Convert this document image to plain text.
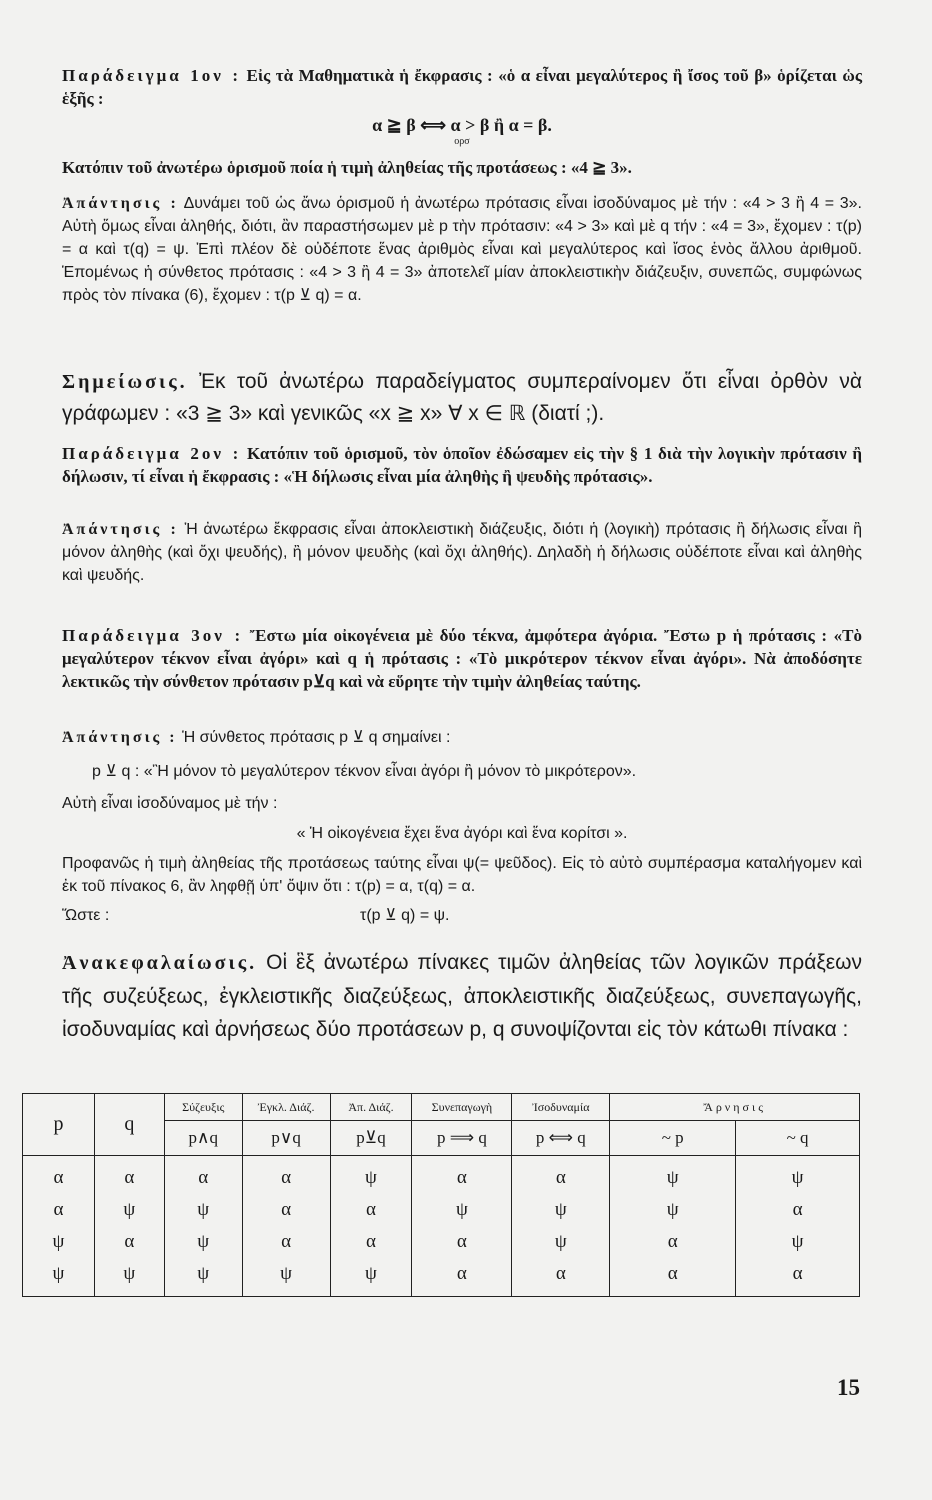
Παράδειγμα 1ον : Εἰς τὰ Μαθηματικὰ ἡ ἔκφρασις : «ὁ α εἶναι μεγαλύτερος ἢ ἴσος τοῦ β» ὁρίζεται ὡς ἑξῆς :

α ≧ β ⟺ α > β ἢ α = β.

ορσ

Κατόπιν τοῦ ἀνωτέρω ὁρισμοῦ ποία ἡ τιμὴ ἀληθείας τῆς προτάσεως : «4 ≧ 3».

Ἀπάντησις : Δυνάμει τοῦ ὡς ἄνω ὁρισμοῦ ἡ ἀνωτέρω πρότασις εἶναι ἰσοδύναμος μὲ τήν : «4 > 3 ἢ 4 = 3». Αὐτὴ ὅμως εἶναι ἀληθής, διότι, ἂν παραστήσωμεν μὲ p τὴν πρότασιν: «4 > 3» καὶ μὲ q τήν : «4 = 3», ἔχομεν : τ(p) = α καὶ τ(q) = ψ. Ἐπὶ πλέον δὲ οὐδέποτε ἕνας ἀριθμὸς εἶναι καὶ μεγαλύτερος καὶ ἴσος ἑνὸς ἄλλου ἀριθμοῦ. Ἑπομένως ἡ σύνθετος πρότασις : «4 > 3 ἢ 4 = 3» ἀποτελεῖ μίαν ἀποκλειστικὴν διάζευξιν, συνεπῶς, συμφώνως πρὸς τὸν πίνακα (6), ἔχομεν : τ(p ⊻ q) = α.

Σημείωσις. Ἐκ τοῦ ἀνωτέρω παραδείγματος συμπεραίνομεν ὅτι εἶναι ὀρθὸν νὰ γράφωμεν : «3 ≧ 3» καὶ γενικῶς «x ≧ x» ∀ x ∈ ℝ (διατί ;).

Παράδειγμα 2ον : Κατόπιν τοῦ ὁρισμοῦ, τὸν ὁποῖον ἐδώσαμεν εἰς τὴν § 1 διὰ τὴν λογικὴν πρότασιν ἢ δήλωσιν, τί εἶναι ἡ ἔκφρασις : «Ἡ δήλωσις εἶναι μία ἀληθὴς ἢ ψευδὴς πρότασις».

Ἀπάντησις : Ἡ ἀνωτέρω ἔκφρασις εἶναι ἀποκλειστικὴ διάζευξις, διότι ἡ (λογικὴ) πρότασις ἢ δήλωσις εἶναι ἢ μόνον ἀληθὴς (καὶ ὄχι ψευδής), ἢ μόνον ψευδὴς (καὶ ὄχι ἀληθής). Δηλαδὴ ἡ δήλωσις οὐδέποτε εἶναι καὶ ἀληθὴς καὶ ψευδής.

Παράδειγμα 3ον : Ἔστω μία οἰκογένεια μὲ δύο τέκνα, ἀμφότερα ἀγόρια. Ἔστω p ἡ πρότασις : «Τὸ μεγαλύτερον τέκνον εἶναι ἀγόρι» καὶ q ἡ πρότασις : «Τὸ μικρότερον τέκνον εἶναι ἀγόρι». Νὰ ἀποδόσητε λεκτικῶς τὴν σύνθετον πρότασιν p⊻q καὶ νὰ εὕρητε τὴν τιμὴν ἀληθείας ταύτης.

Ἀπάντησις : Ἡ σύνθετος πρότασις p ⊻ q σημαίνει :

p ⊻ q : «Ἢ μόνον τὸ μεγαλύτερον τέκνον εἶναι ἀγόρι ἢ μόνον τὸ μικρότερον».

Αὐτὴ εἶναι ἰσοδύναμος μὲ τήν :

« Ἡ οἰκογένεια ἔχει ἕνα ἀγόρι καὶ ἕνα κορίτσι ».

Προφανῶς ἡ τιμὴ ἀληθείας τῆς προτάσεως ταύτης εἶναι ψ(= ψεῦδος). Εἰς τὸ αὐτὸ συμπέρασμα καταλήγομεν καὶ ἐκ τοῦ πίνακος 6, ἂν ληφθῇ ὑπ' ὄψιν ὅτι : τ(p) = α, τ(q) = α.

Ὥστε :	τ(p ⊻ q) = ψ.

Ἀνακεφαλαίωσις. Οἱ ἓξ ἀνωτέρω πίνακες τιμῶν ἀληθείας τῶν λογικῶν πράξεων τῆς συζεύξεως, ἐγκλειστικῆς διαζεύξεως, ἀποκλειστικῆς διαζεύξεως, συνεπαγωγῆς, ἰσοδυναμίας καὶ ἀρνήσεως δύο προτάσεων p, q συνοψίζονται εἰς τὸν κάτωθι πίνακα :

p	q	Σύζευξις	Ἐγκλ. Διάζ.	Ἀπ. Διάζ.	Συνεπαγωγὴ	Ἰσοδυναμία	Ἄρνησις	
		p∧q	p∨q	p⊻q	p ⟹ q	p ⟺ q	~ p	~ q
α	α	α	α	ψ	α	α	ψ	ψ
α	ψ	ψ	α	α	ψ	ψ	ψ	α
ψ	α	ψ	α	α	α	ψ	α	ψ
ψ	ψ	ψ	ψ	ψ	α	α	α	α
15
